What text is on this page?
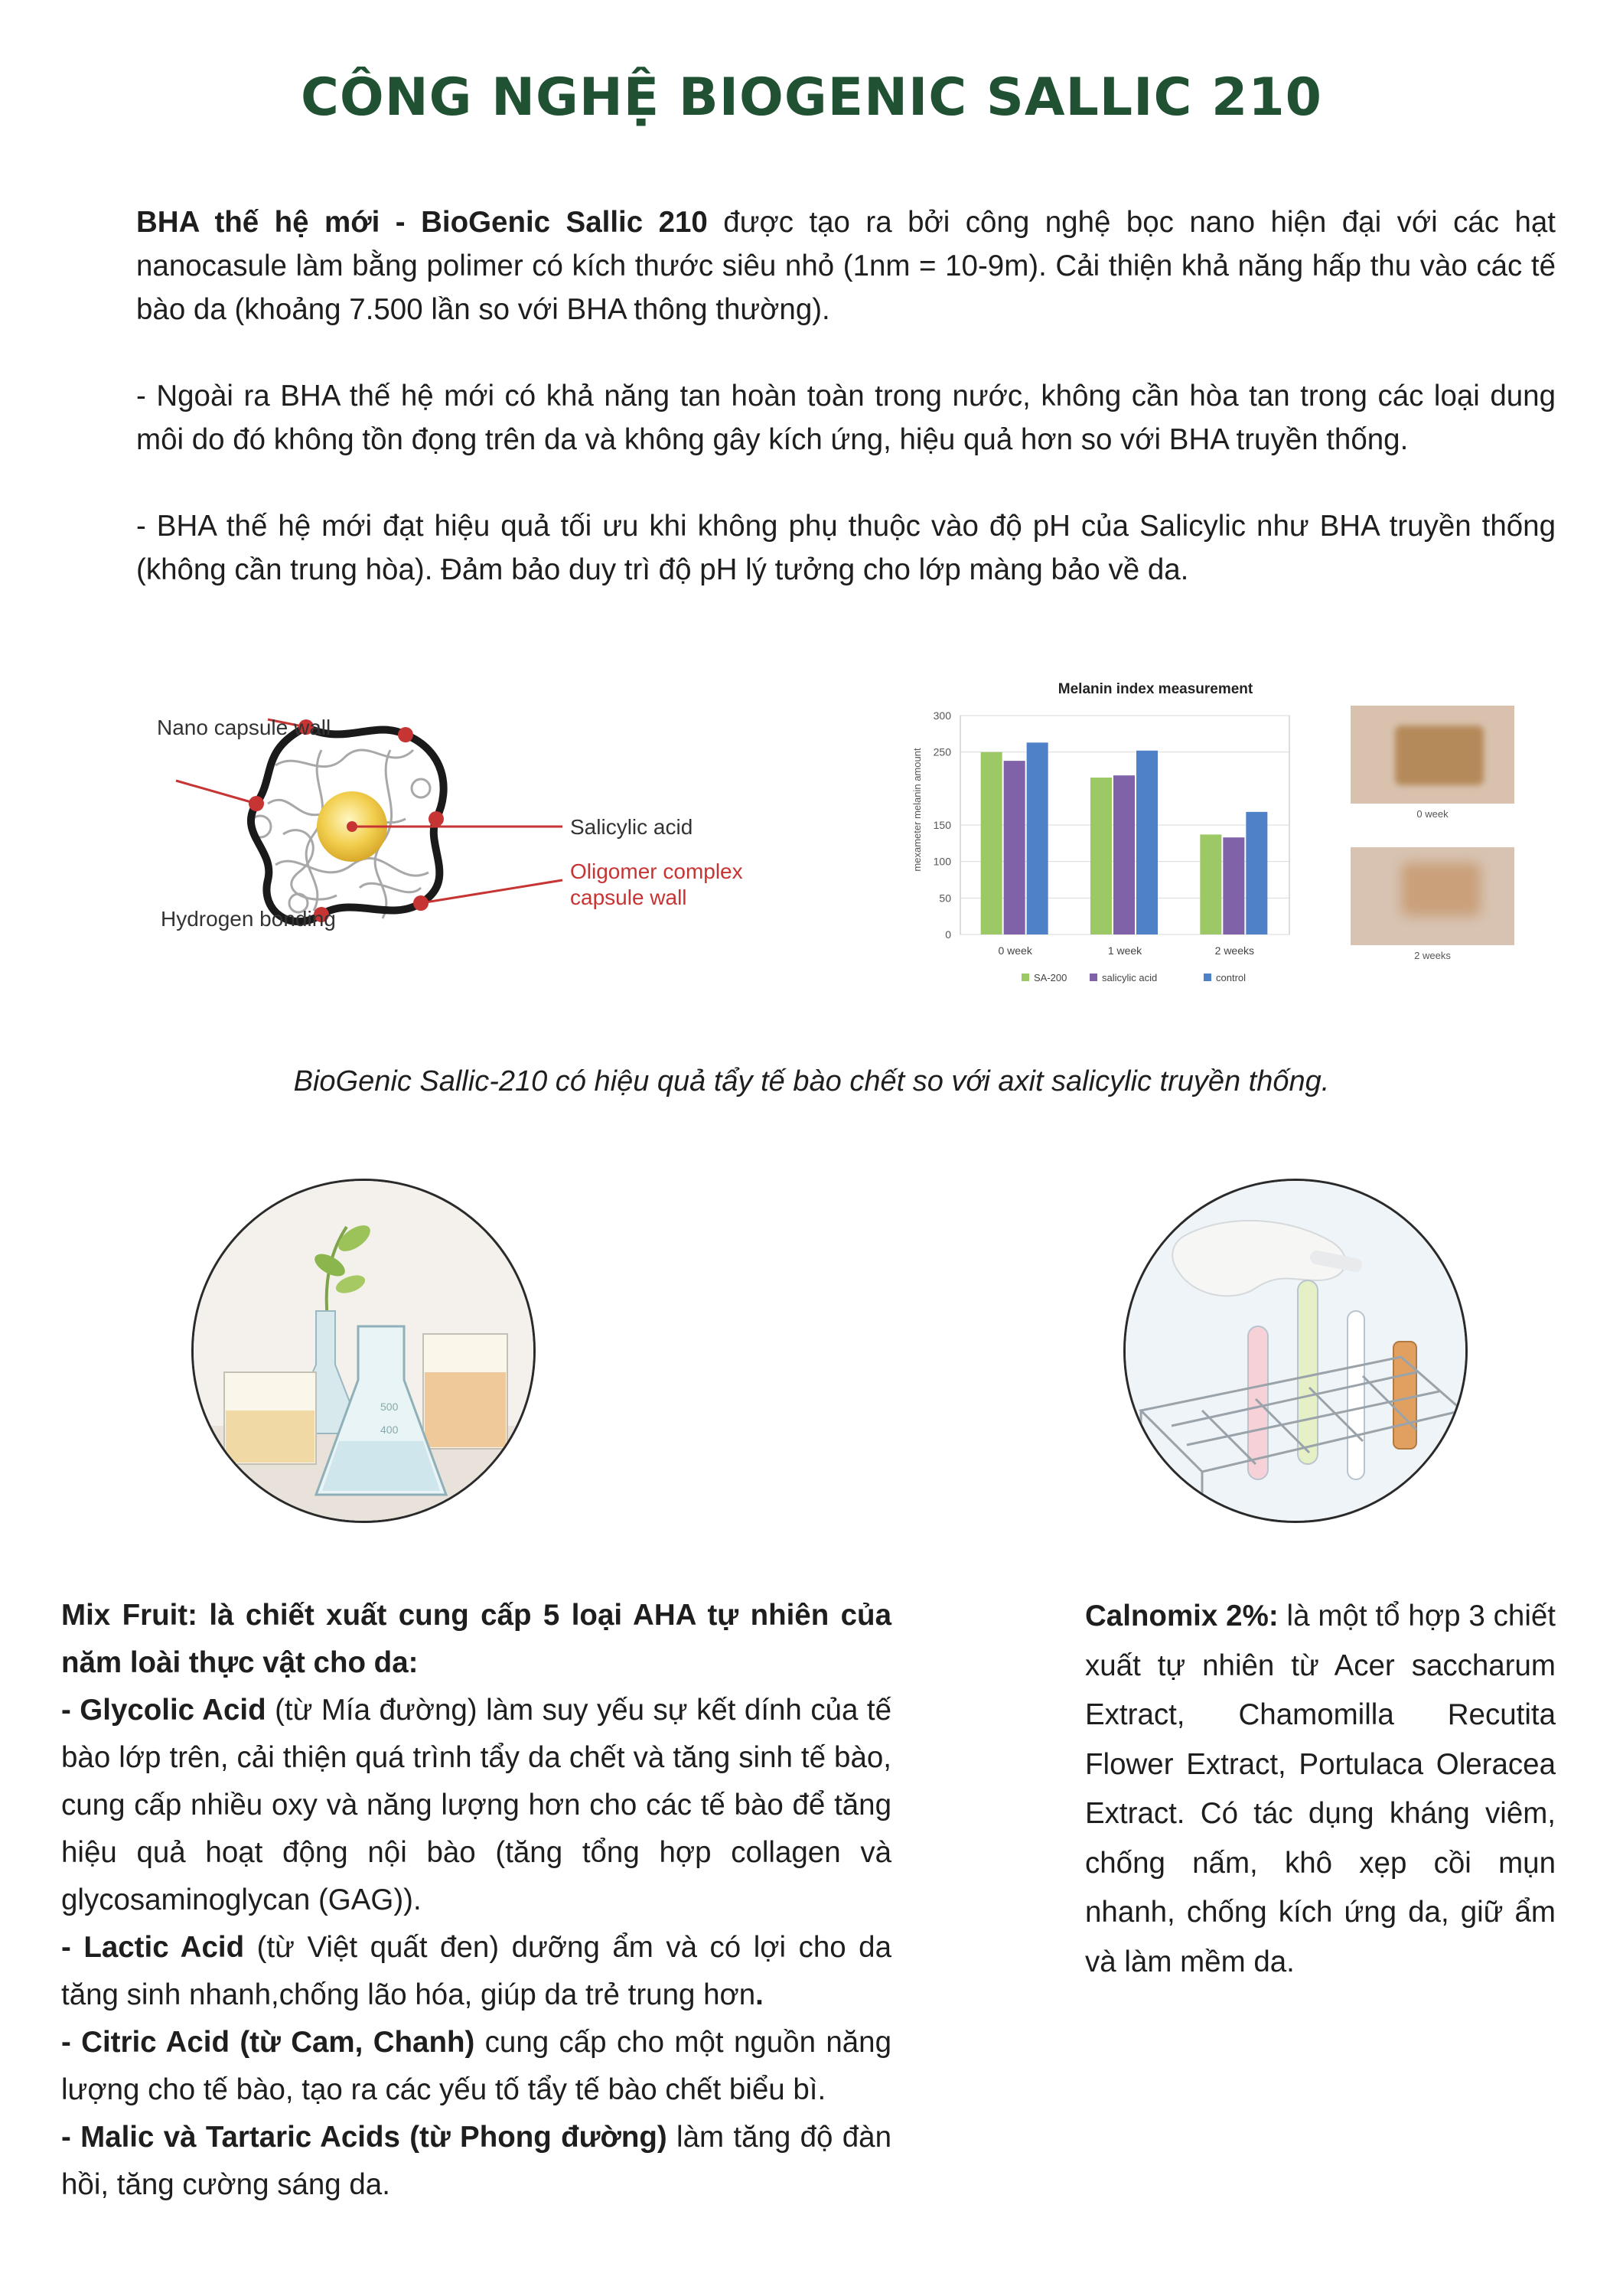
CÔNG NGHỆ BIOGENIC SALLIC 210

BHA thế hệ mới - BioGenic Sallic 210 được tạo ra bởi công nghệ bọc nano hiện đại với các hạt nanocasule làm bằng polimer có kích thước siêu nhỏ (1nm = 10-9m). Cải thiện khả năng hấp thu vào các tế bào da (khoảng 7.500 lần so với BHA thông thường).

- Ngoài ra BHA thế hệ mới có khả năng tan hoàn toàn trong nước, không cần hòa tan trong các loại dung môi do đó không tồn đọng trên da và không gây kích ứng, hiệu quả hơn so với BHA truyền thống.

- BHA thế hệ mới đạt hiệu quả tối ưu khi không phụ thuộc vào độ pH của Salicylic như BHA truyền thống (không cần trung hòa). Đảm bảo duy trì độ pH lý tưởng cho lớp màng bảo về da.

Nano capsule wall
Hydrogen bonding
Salicylic acid
Oligomer complex
capsule wall
Melanin index measurement
mexameter melanin amount
0
50
100
150
250
300
0 week	1 week	2 weeks
SA-200	salicylic acid	control
0 week
2 weeks

BioGenic Sallic-210 có hiệu quả tẩy tế bào chết so với axit salicylic truyền thống.

500
400

Mix Fruit: là chiết xuất cung cấp 5 loại AHA tự nhiên của năm loài thực vật cho da:

- Glycolic Acid (từ Mía đường) làm suy yếu sự kết dính của tế bào lớp trên, cải thiện quá trình tẩy da chết và tăng sinh tế bào, cung cấp nhiều oxy và năng lượng hơn cho các tế bào để tăng hiệu quả hoạt động nội bào (tăng tổng hợp collagen và glycosaminoglycan (GAG)).

- Lactic Acid (từ Việt quất đen) dưỡng ẩm và có lợi cho da tăng sinh nhanh,chống lão hóa, giúp da trẻ trung hơn.

- Citric Acid (từ Cam, Chanh) cung cấp cho một nguồn năng lượng cho tế bào, tạo ra các yếu tố tẩy tế bào chết biểu bì.

- Malic và Tartaric Acids (từ Phong đường) làm tăng độ đàn hồi, tăng cường sáng da.

Calnomix 2%: là một tổ hợp 3 chiết xuất tự nhiên từ Acer saccharum Extract, Chamomilla Recutita Flower Extract, Portulaca Oleracea Extract. Có tác dụng kháng viêm, chống nấm, khô xẹp cồi mụn nhanh, chống kích ứng da, giữ ẩm và làm mềm da.
